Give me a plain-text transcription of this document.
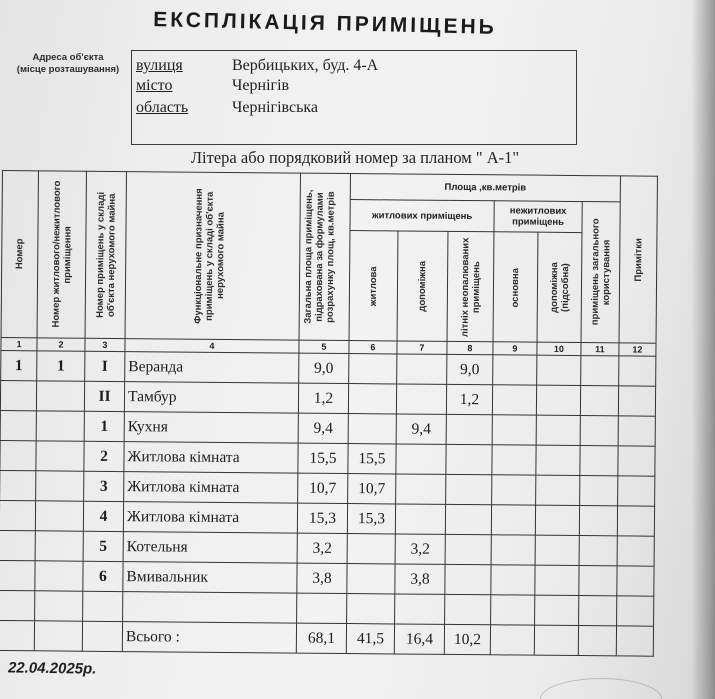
ЕКСПЛІКАЦІЯ ПРИМІЩЕНЬ
Адреса об'єкта
(місце розташування)	вулиця	Вербицьких, буд. 4-А
місто	Чернігів
область	Чернігівська
Літера або порядковий номер за планом " А-1"
Номер	Номер житлового/нежитлового приміщення	Номер приміщень у складі об'єкта нерухомого майна	Функціональне призначення приміщень у складі об'єкта нерухомого майна	Загальна площа приміщень, підрахована за формулами розрахунку площ, кв.метрів	Площа ,кв.метрів						Примітки

					житлових приміщень			нежитлових приміщень		приміщень загального користування	

					житлова	допоміжна	літніх неопалюваних приміщень	основна	допоміжна (підсобна)		

1	2	3	4	5	6	7	8	9	10	11	12
1	1	I	Веранда	9,0			9,0				
		II	Тамбур	1,2			1,2				
		1	Кухня	9,4		9,4					
		2	Житлова кімната	15,5	15,5						
		3	Житлова кімната	10,7	10,7						
		4	Житлова кімната	15,3	15,3						
		5	Котельня	3,2		3,2					
		6	Вмивальник	3,8		3,8					

			Всього :	68,1	41,5	16,4	10,2				
22.04.2025р.
